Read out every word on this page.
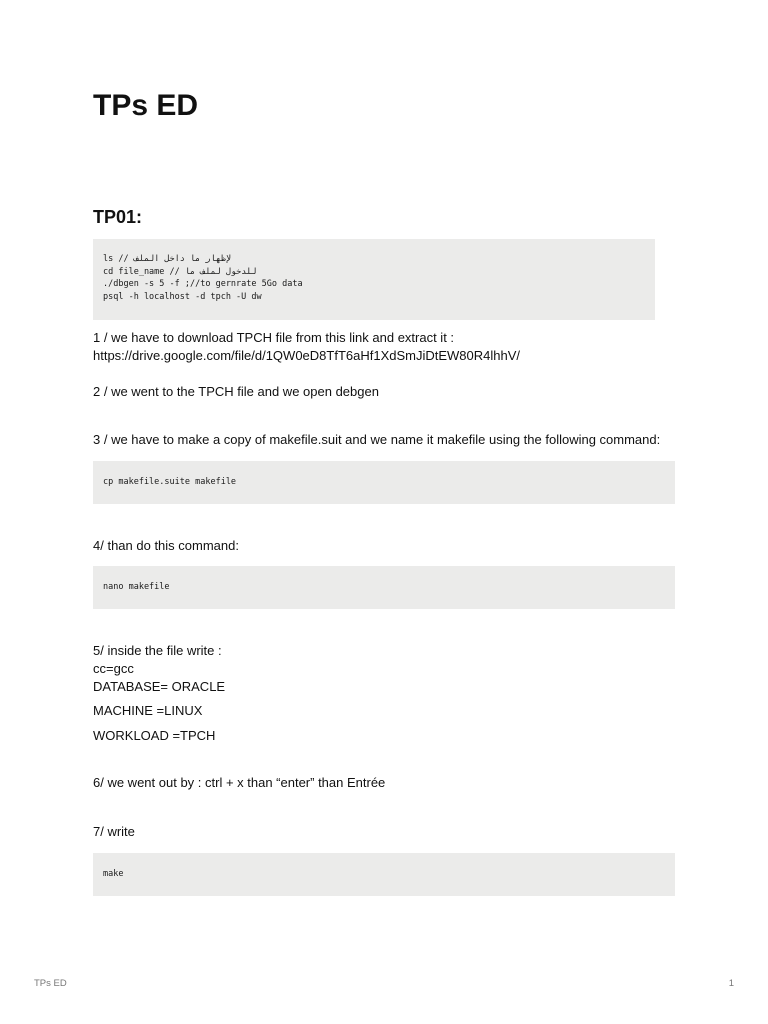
TPs ED
TP01:
ls // لإظهار ما داخل الملف
cd file_name // للدخول لملف ما
./dbgen -s 5 -f ;//to gernrate 5Go data
psql -h localhost -d tpch -U dw

1 / we have to download TPCH file from this link and extract it :

https://drive.google.com/file/d/1QW0eD8TfT6aHf1XdSmJiDtEW80R4lhhV/

2 / we went to the TPCH file and we open debgen

3 / we have to make a copy of makefile.suit and we name it makefile using the following command:

cp makefile.suite makefile

4/ than do this command:

nano makefile

5/ inside the file write :

cc=gcc

DATABASE= ORACLE

MACHINE =LINUX

WORKLOAD =TPCH

6/ we went out by : ctrl + x than “enter” than Entrée

7/ write

make
TPs ED	1
